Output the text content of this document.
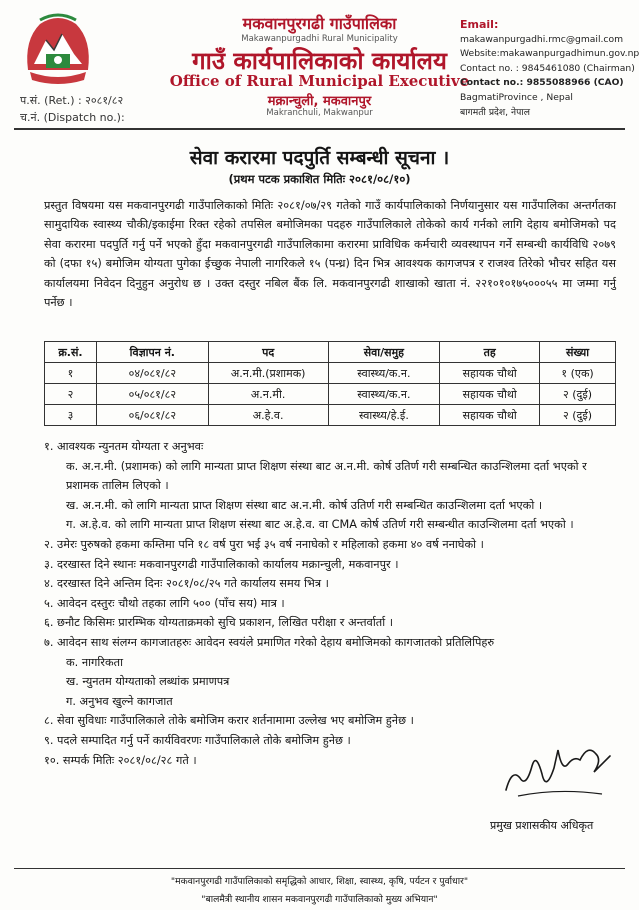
मकवानपुरगढी गाउँपालिका
Makawanpurgadhi Rural Municipality
गाउँ कार्यपालिकाको कार्यालय
Office of Rural Municipal Executive
मक्रान्चुली, मकवानपुर
Makranchuli, Makwanpur
प.सं. (Ret.) : २०८१/८२
च.नं. (Dispatch no.):
Email:
makawanpurgadhi.rmc@gmail.com
Website:makawanpurgadhimun.gov.np
Contact no. : 9845461080 (Chairman)
Contact no.: 9855088966 (CAO)
BagmatiProvince , Nepal
बागमती प्रदेश, नेपाल
सेवा करारमा पदपुर्ति सम्बन्धी सूचना ।
(प्रथम पटक प्रकाशित मितिः २०८१/०८/१०)
प्रस्तुत विषयमा यस मकवानपुरगढी गाउँपालिकाको मितिः २०८१/०७/२९ गतेको गाउँ कार्यपालिकाको निर्णयानुसार यस गाउँपालिका अन्तर्गतका सामुदायिक स्वास्थ्य चौकी/इकाईमा रिक्त रहेको तपसिल बमोजिमका पदहरु गाउँपालिकाले तोकेको कार्य गर्नको लागि देहाय बमोजिमको पद सेवा करारमा पदपुर्ति गर्नु पर्ने भएको हुँदा मकवानपुरगढी गाउँपालिकामा करारमा प्राविधिक कर्मचारी व्यवस्थापन गर्ने सम्बन्धी कार्यविधि २०७९ को (दफा १५) बमोजिम योग्यता पुगेका ईच्छुक नेपाली नागरिकले १५ (पन्ध्र) दिन भित्र आवश्यक कागजपत्र र राजश्व तिरेको भौचर सहित यस कार्यालयमा निवेदन दिनुहुन अनुरोध छ । उक्त दस्तुर नबिल बैंक लि. मकवानपुरगढी शाखाको खाता नं. २२१०१०१७५०००५५ मा जम्मा गर्नु पर्नेछ ।
क्र.सं.	विज्ञापन नं.	पद	सेवा/समुह	तह	संख्या
१	०४/०८१/८२	अ.न.मी.(प्रशामक)	स्वास्थ्य/क.न.	सहायक चौथो	१ (एक)
२	०५/०८१/८२	अ.न.मी.	स्वास्थ्य/क.न.	सहायक चौथो	२ (दुई)
३	०६/०८१/८२	अ.हे.व.	स्वास्थ्य/हे.ई.	सहायक चौथो	२ (दुई)

१. आवश्यक न्युनतम योग्यता र अनुभवः

क. अ.न.मी. (प्रशामक) को लागि मान्यता प्राप्त शिक्षण संस्था बाट अ.न.मी. कोर्ष उतिर्ण गरी सम्बन्धित काउन्शिलमा दर्ता भएको र प्रशामक तालिम लिएको ।

ख. अ.न.मी. को लागि मान्यता प्राप्त शिक्षण संस्था बाट अ.न.मी. कोर्ष उतिर्ण गरी सम्बन्धित काउन्शिलमा दर्ता भएको ।

ग. अ.हे.व. को लागि मान्यता प्राप्त शिक्षण संस्था बाट अ.हे.व. वा CMA कोर्ष उतिर्ण गरी सम्बन्धीत काउन्शिलमा दर्ता भएको ।

२. उमेरः पुरुषको हकमा कम्तिमा पनि १८ वर्ष पुरा भई ३५ वर्ष ननाघेको र महिलाको हकमा ४० वर्ष ननाघेको ।

३. दरखास्त दिने स्थानः मकवानपुरगढी गाउँपालिकाको कार्यालय मक्रान्चुली, मकवानपुर ।

४. दरखास्त दिने अन्तिम दिनः २०८१/०८/२५ गते कार्यालय समय भित्र ।

५. आवेदन दस्तुरः चौथो तहका लागि ५०० (पाँच सय) मात्र ।

६. छनौट किसिमः प्रारम्भिक योग्यताक्रमको सुचि प्रकाशन, लिखित परीक्षा र अन्तर्वार्ता ।

७. आवेदन साथ संलग्न कागजातहरुः आवेदन स्वयंले प्रमाणित गरेको देहाय बमोजिमको कागजातको प्रतिलिपिहरु

क. नागरिकता

ख. न्युनतम योग्यताको लब्धांक प्रमाणपत्र

ग. अनुभव खुल्ने कागजात

८. सेवा सुविधाः गाउँपालिकाले तोके बमोजिम करार शर्तनामामा उल्लेख भए बमोजिम हुनेछ ।

९. पदले सम्पादित गर्नु पर्ने कार्यविवरणः गाउँपालिकाले तोके बमोजिम हुनेछ ।

१०. सम्पर्क मितिः २०८१/०८/२८ गते ।

प्रमुख प्रशासकीय अधिकृत
"मकवानपुरगढी गाउँपालिकाको समृद्धिको आधार, शिक्षा, स्वास्थ्य, कृषि, पर्यटन र पुर्वाधार"
"बालमैत्री स्थानीय शासन मकवानपुरगढी गाउँपालिकाको मुख्य अभियान"
